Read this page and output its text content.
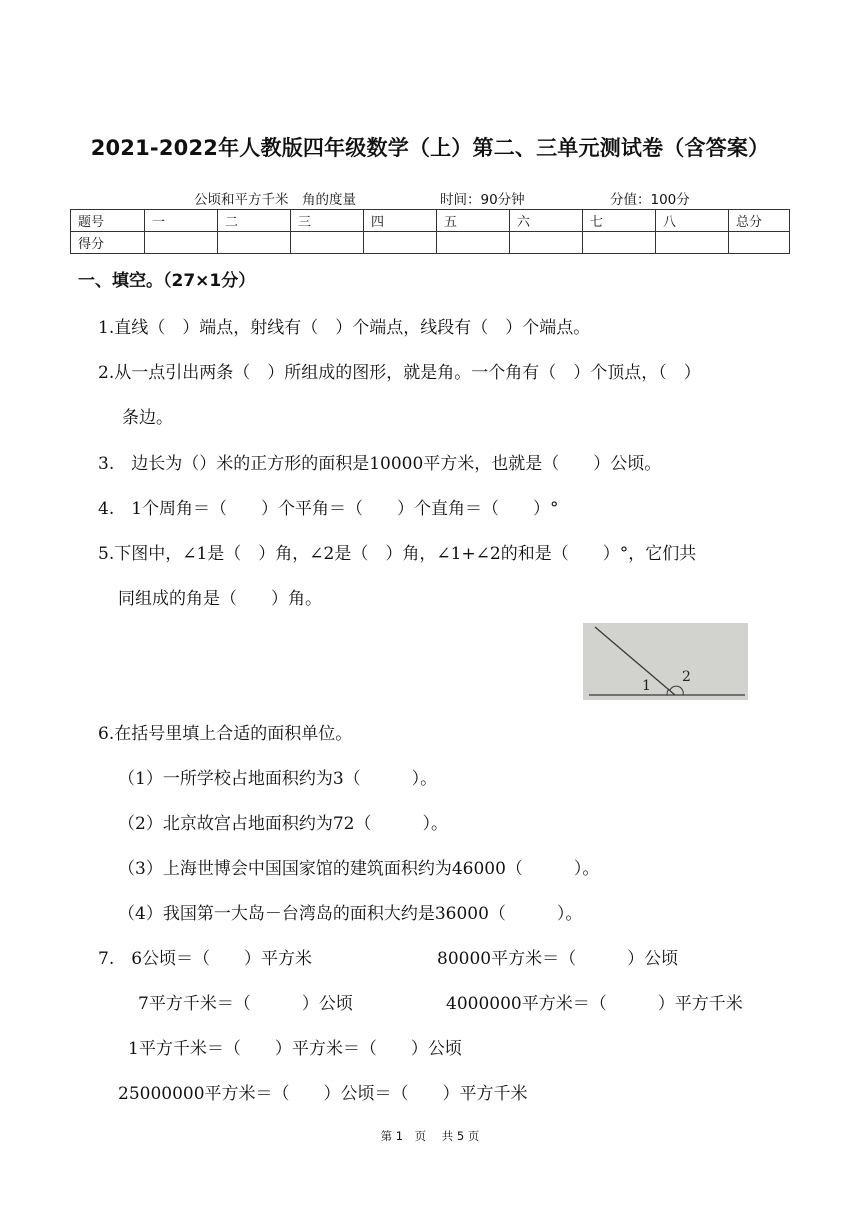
2021-2022年人教版四年级数学（上）第二、三单元测试卷（含答案）
公顷和平方千米　角的度量	时间：90分钟	分值：100分
题号	一	二	三	四	五	六	七	八	总分
得分									
一、填空。（27×1分）
1.直线（　）端点，射线有（　）个端点，线段有（　）个端点。
2.从一点引出两条（　）所组成的图形，就是角。一个角有（　）个顶点，（　）
条边。
3.　边长为（）米的正方形的面积是10000平方米，也就是（　　）公顷。
4.　1个周角＝（　　）个平角＝（　　）个直角＝（　　）°
5.下图中，∠1是（　）角，∠2是（　）角，∠1+∠2的和是（　　）°，它们共
同组成的角是（　　）角。
1
2
6.在括号里填上合适的面积单位。
（1）一所学校占地面积约为3（　　　）。
（2）北京故宫占地面积约为72（　　　）。
（3）上海世博会中国国家馆的建筑面积约为46000（　　　）。
（4）我国第一大岛－台湾岛的面积大约是36000（　　　）。
7.　6公顷＝（　　）平方米	80000平方米＝（　　　）公顷
7平方千米＝（　　　）公顷	4000000平方米＝（　　　）平方千米
1平方千米＝（　　）平方米＝（　　）公顷
25000000平方米＝（　　）公顷＝（　　）平方千米
第 1　页 共 5 页
